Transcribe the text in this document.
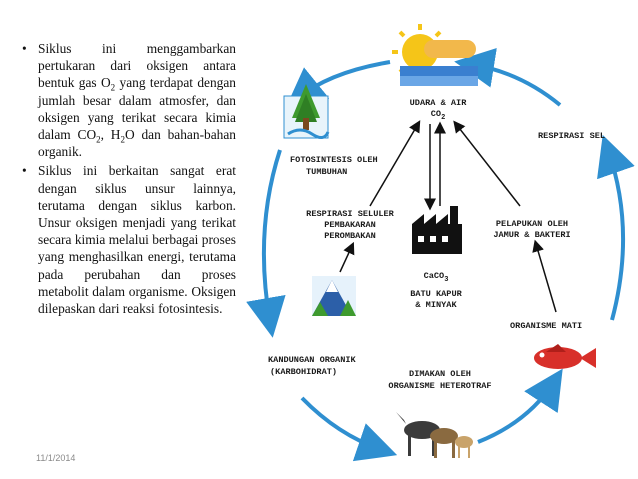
• Siklus ini menggambarkan pertukaran dari oksigen antara bentuk gas $O_2$ yang terdapat dengan jumlah besar dalam atmosfer, dan oksigen yang terikat secara kimia dalam $CO_2$, $H_2O$ dan bahan-bahan organik.

• Siklus ini berkaitan sangat erat dengan siklus unsur lainnya, terutama dengan siklus karbon. Unsur oksigen menjadi yang terikat secara kimia melalui berbagai proses yang menghasilkan energi, terutama pada perubahan dan proses metabolit dalam organisme. Oksigen dilepaskan dari reaksi fotosintesis.

11/1/2014
UDARA & AIR
$CO_2$
FOTOSINTESIS OLEH
TUMBUHAN
RESPIRASI SEL
RESPIRASI SELULER
PEMBAKARAN
PEROMBAKAN
CaCO$_3$
BATU KAPUR
& MINYAK
PELAPUKAN OLEH
JAMUR & BAKTERI
ORGANISME MATI
KANDUNGAN ORGANIK
(KARBOHIDRAT)	DIMAKAN OLEH
ORGANISME HETEROTRAF
